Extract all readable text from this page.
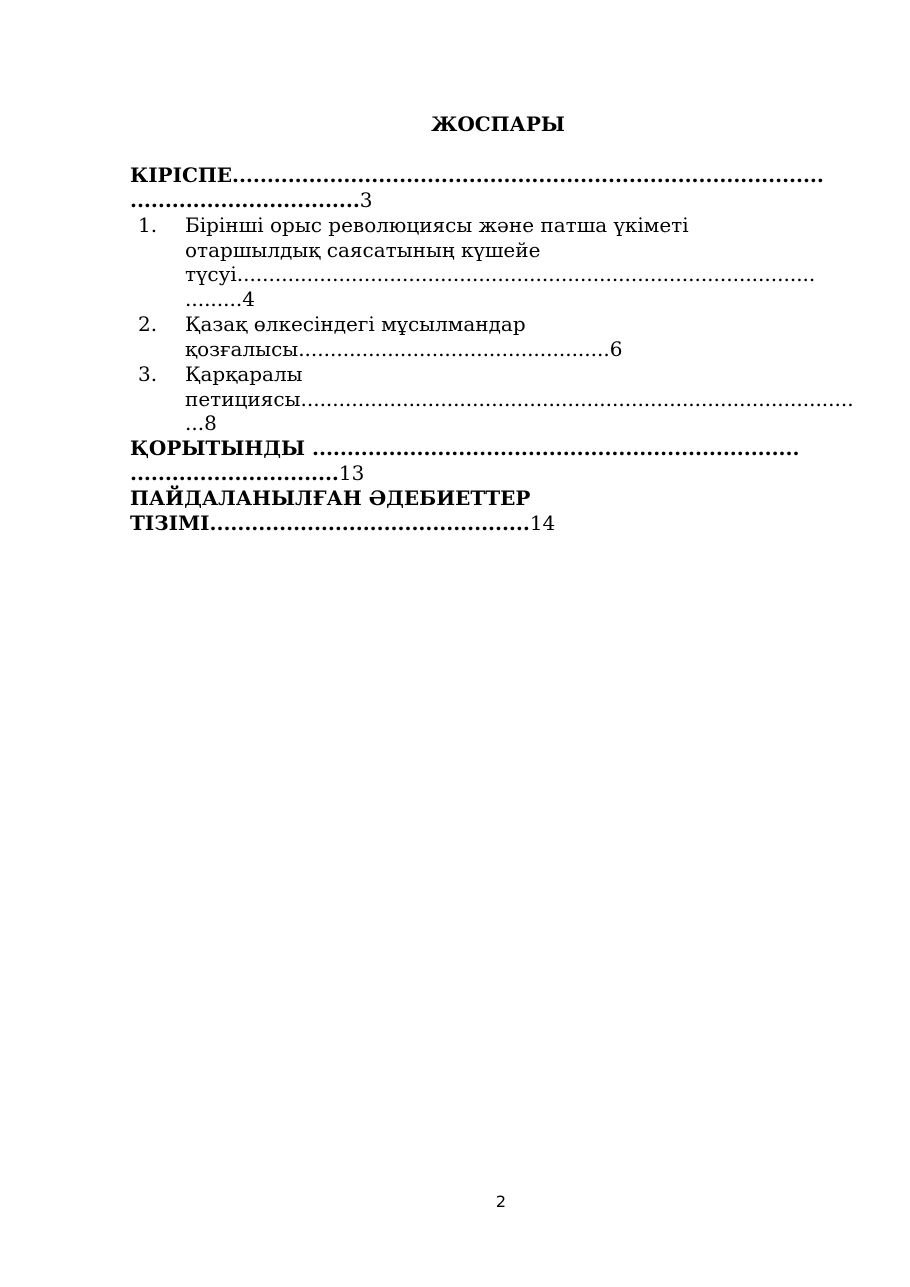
ЖОСПАРЫ
КІРІСПЕ.....................................................................................
.................................3
1. Бірінші орыс революциясы және патша үкіметі
отаршылдық саясатының күшейе
түсуі...........................................................................................
.........4
2. Қазақ өлкесіндегі мұсылмандар
қозғалысы.................................................6
3. Қарқаралы
петициясы.......................................................................................
...8
ҚОРЫТЫНДЫ ......................................................................
..............................13
ПАЙДАЛАНЫЛҒАН ӘДЕБИЕТТЕР
ТІЗІМІ..............................................14
2
